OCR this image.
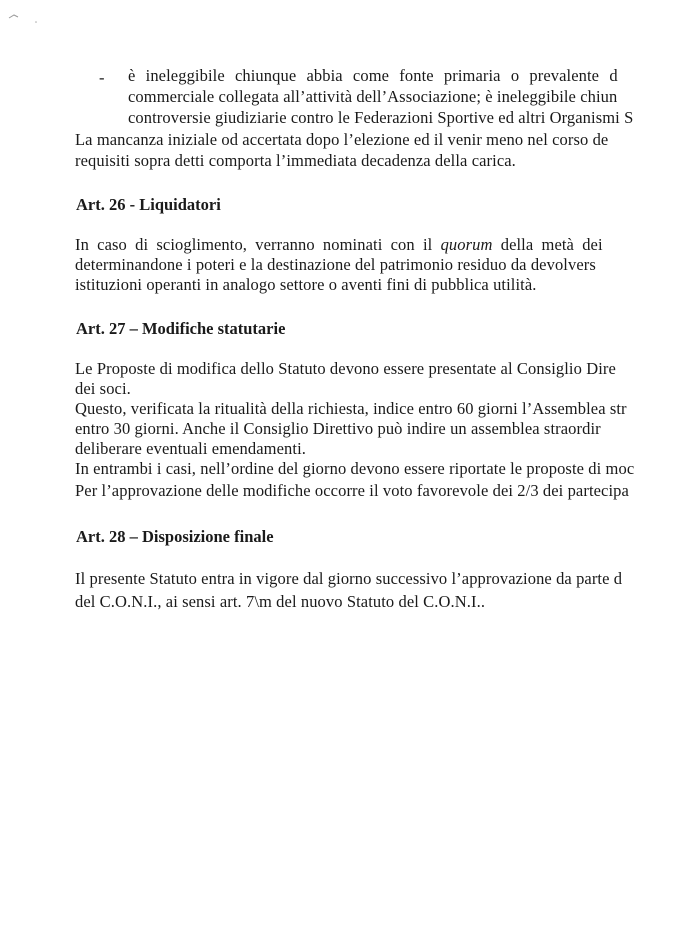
- è ineleggibile chiunque abbia come fonte primaria o prevalente d
commerciale collegata all’attività dell’Associazione; è ineleggibile chiun
controversie giudiziarie contro le Federazioni Sportive ed altri Organismi S
La mancanza iniziale od accertata dopo l’elezione ed il venir meno nel corso de
requisiti sopra detti comporta l’immediata decadenza della carica.
Art. 26 - Liquidatori
In caso di scioglimento, verranno nominati con il quorum della metà dei
determinandone i poteri e la destinazione del patrimonio residuo da devolvers
istituzioni operanti in analogo settore o aventi fini di pubblica utilità.
Art. 27 – Modifiche statutarie
Le Proposte di modifica dello Statuto devono essere presentate al Consiglio Dire
dei soci.
Questo, verificata la ritualità della richiesta, indice entro 60 giorni l’Assemblea str
entro 30 giorni. Anche il Consiglio Direttivo può indire un assemblea straordir
deliberare eventuali emendamenti.
In entrambi i casi, nell’ordine del giorno devono essere riportate le proposte di moc
Per l’approvazione delle modifiche occorre il voto favorevole dei 2/3 dei partecipa
Art. 28 – Disposizione finale
Il presente Statuto entra in vigore dal giorno successivo l’approvazione da parte d
del C.O.N.I., ai sensi art. 7\m del nuovo Statuto del C.O.N.I..
